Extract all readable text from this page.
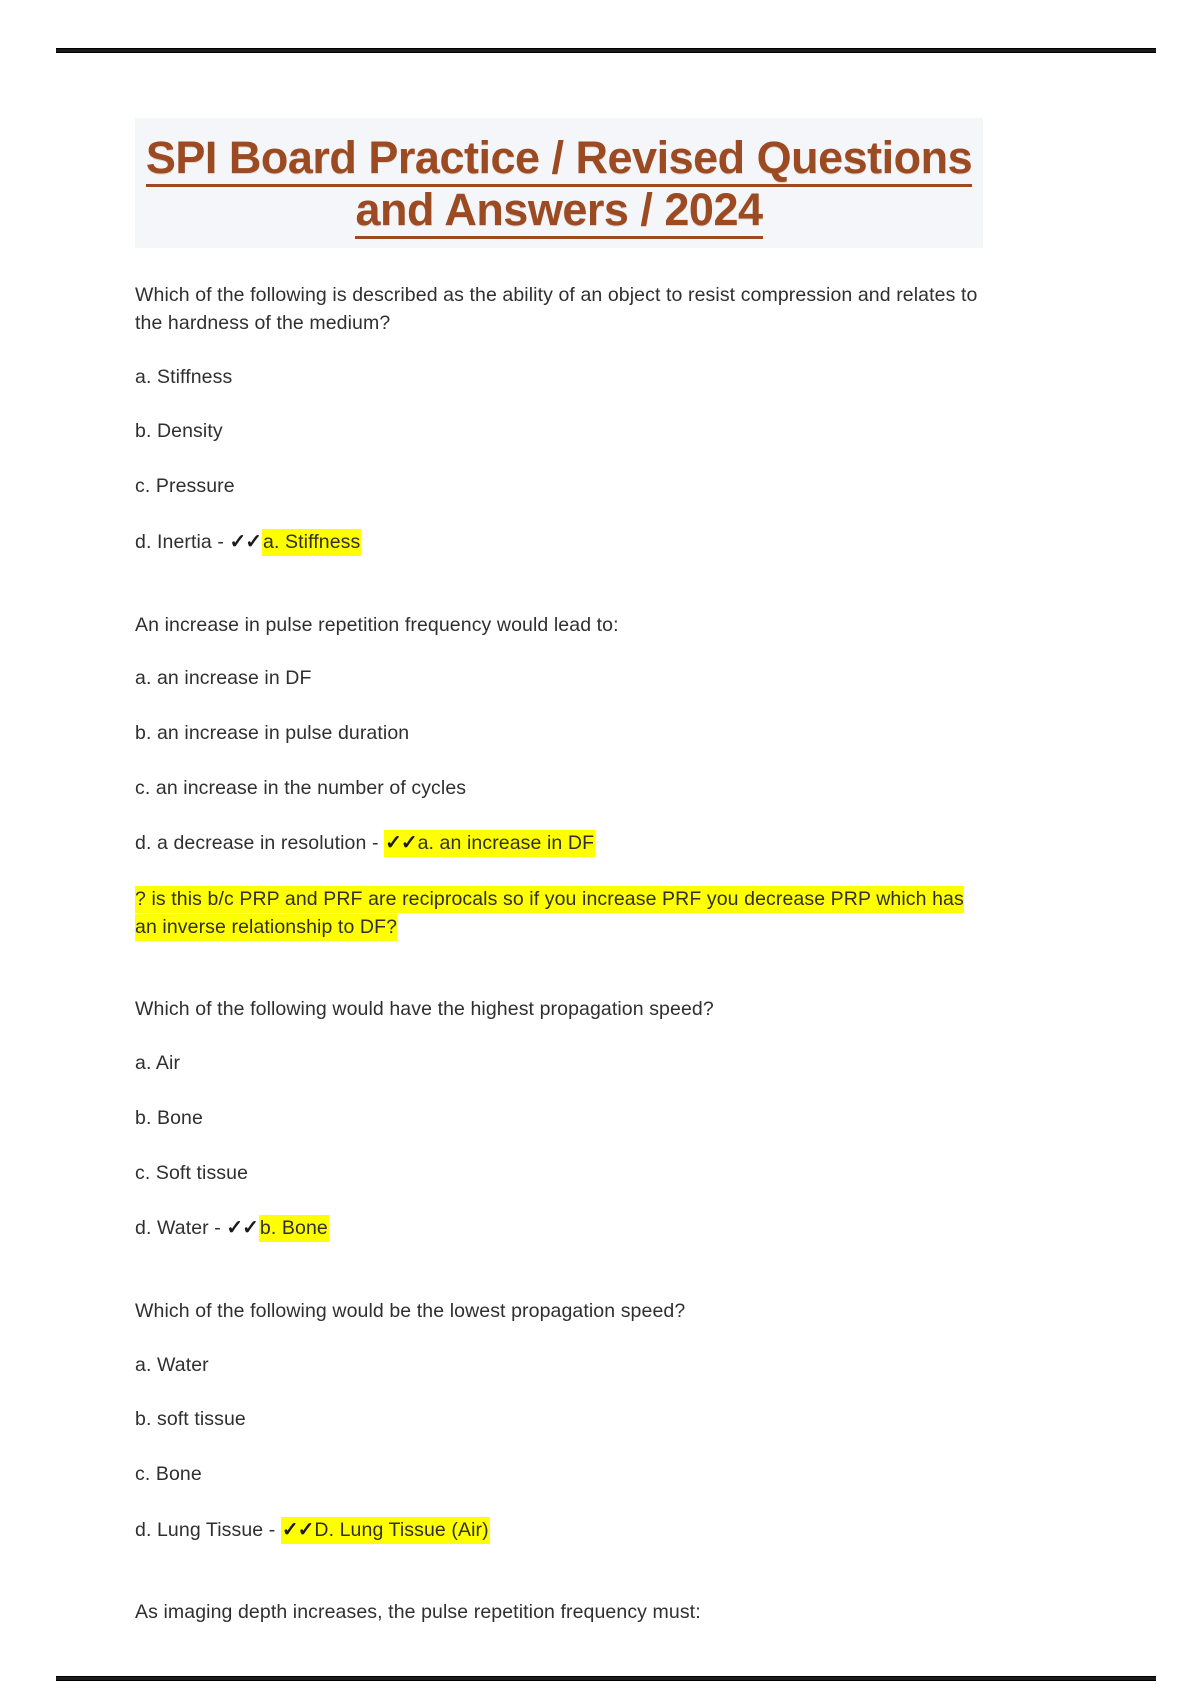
SPI Board Practice / Revised Questions
and Answers / 2024

Which of the following is described as the ability of an object to resist compression and relates to the hardness of the medium?

a. Stiffness

b. Density

c. Pressure

d. Inertia - ✓✓ a. Stiffness

An increase in pulse repetition frequency would lead to:

a. an increase in DF

b. an increase in pulse duration

c. an increase in the number of cycles

d. a decrease in resolution - ✓✓a. an increase in DF

? is this b/c PRP and PRF are reciprocals so if you increase PRF you decrease PRP which has an inverse relationship to DF?

Which of the following would have the highest propagation speed?

a. Air

b. Bone

c. Soft tissue

d. Water - ✓✓ b. Bone

Which of the following would be the lowest propagation speed?

a. Water

b. soft tissue

c. Bone

d. Lung Tissue - ✓✓D. Lung Tissue (Air)

As imaging depth increases, the pulse repetition frequency must:
